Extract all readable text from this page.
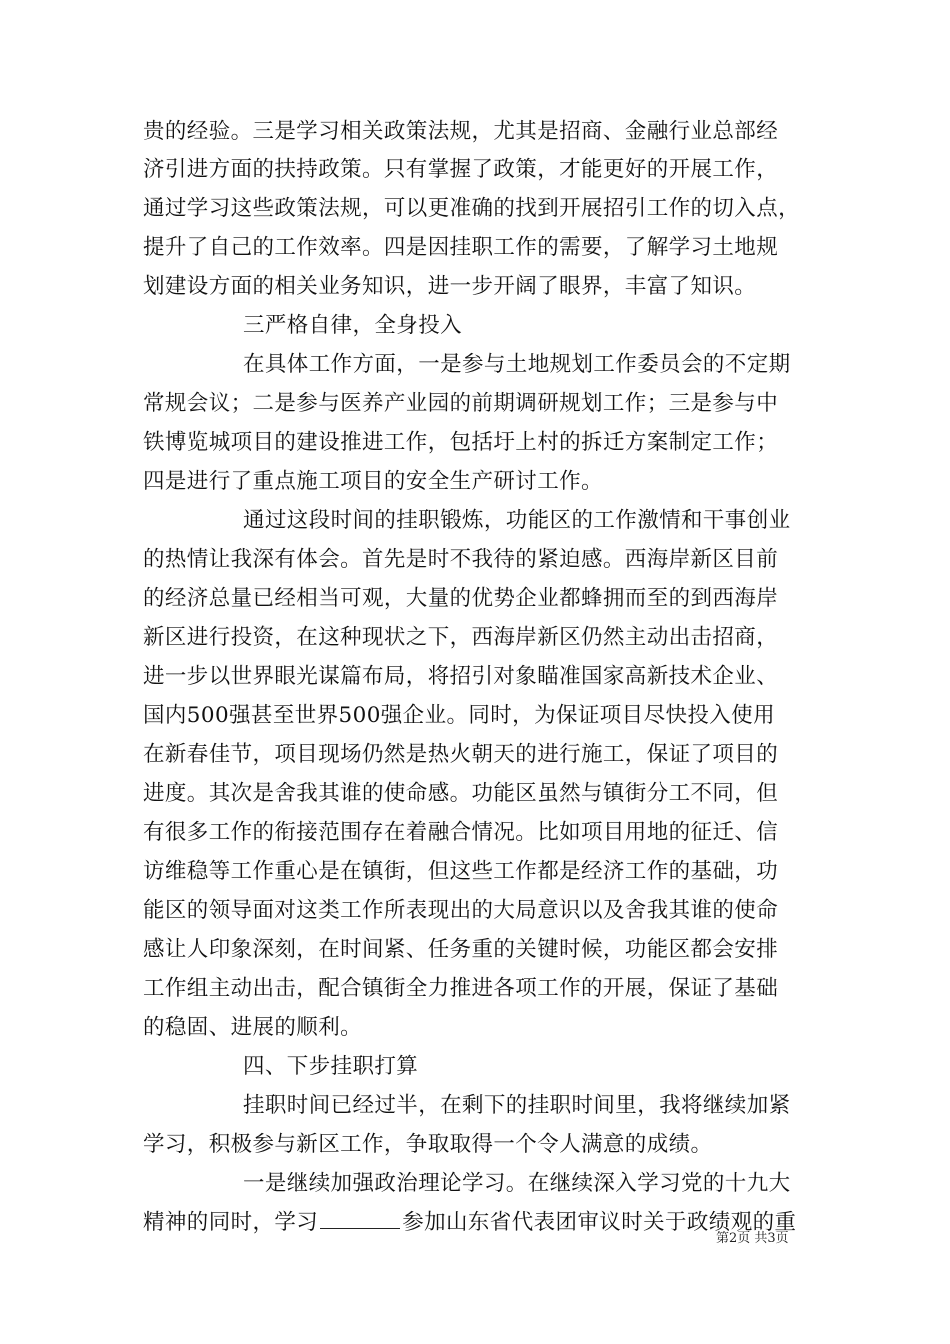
贵的经验。三是学习相关政策法规，尤其是招商、金融行业总部经
济引进方面的扶持政策。只有掌握了政策，才能更好的开展工作，
通过学习这些政策法规，可以更准确的找到开展招引工作的切入点，
提升了自己的工作效率。四是因挂职工作的需要，了解学习土地规
划建设方面的相关业务知识，进一步开阔了眼界，丰富了知识。
三严格自律，全身投入
在具体工作方面，一是参与土地规划工作委员会的不定期
常规会议；二是参与医养产业园的前期调研规划工作；三是参与中
铁博览城项目的建设推进工作，包括圩上村的拆迁方案制定工作；
四是进行了重点施工项目的安全生产研讨工作。
通过这段时间的挂职锻炼，功能区的工作激情和干事创业
的热情让我深有体会。首先是时不我待的紧迫感。西海岸新区目前
的经济总量已经相当可观，大量的优势企业都蜂拥而至的到西海岸
新区进行投资，在这种现状之下，西海岸新区仍然主动出击招商，
进一步以世界眼光谋篇布局，将招引对象瞄准国家高新技术企业、
国内500强甚至世界500强企业。同时，为保证项目尽快投入使用
在新春佳节，项目现场仍然是热火朝天的进行施工，保证了项目的
进度。其次是舍我其谁的使命感。功能区虽然与镇街分工不同，但
有很多工作的衔接范围存在着融合情况。比如项目用地的征迁、信
访维稳等工作重心是在镇街，但这些工作都是经济工作的基础，功
能区的领导面对这类工作所表现出的大局意识以及舍我其谁的使命
感让人印象深刻，在时间紧、任务重的关键时候，功能区都会安排
工作组主动出击，配合镇街全力推进各项工作的开展，保证了基础
的稳固、进展的顺利。
四、下步挂职打算
挂职时间已经过半，在剩下的挂职时间里，我将继续加紧
学习，积极参与新区工作，争取取得一个令人满意的成绩。
一是继续加强政治理论学习。在继续深入学习党的十九大
精神的同时，学习	参加山东省代表团审议时关于政绩观的重
第2页 共3页
